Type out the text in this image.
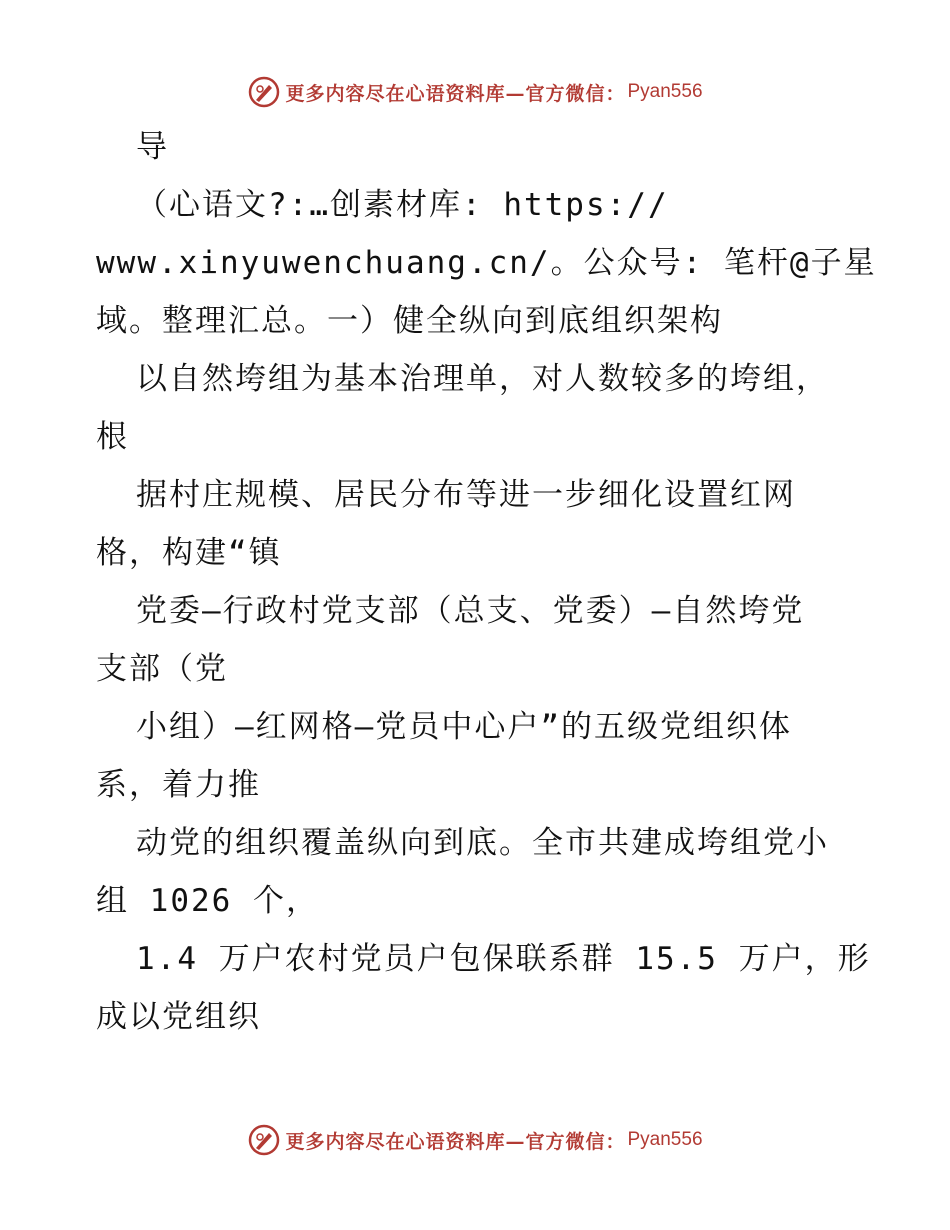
更多内容尽在心语资料库—官方微信： Pyan556
导
（心语文?:…创素材库: https://
www.xinyuwenchuang.cn/。公众号: 笔杆@子星
域。整理汇总。一）健全纵向到底组织架构
以自然垮组为基本治理单，对人数较多的垮组，
根
据村庄规模、居民分布等进一步细化设置红网
格，构建“镇
党委—行政村党支部（总支、党委）—自然垮党
支部（党
小组）—红网格—党员中心户”的五级党组织体
系，着力推
动党的组织覆盖纵向到底。全市共建成垮组党小
组 1026 个，
1.4 万户农村党员户包保联系群 15.5 万户，形
成以党组织
更多内容尽在心语资料库—官方微信： Pyan556
